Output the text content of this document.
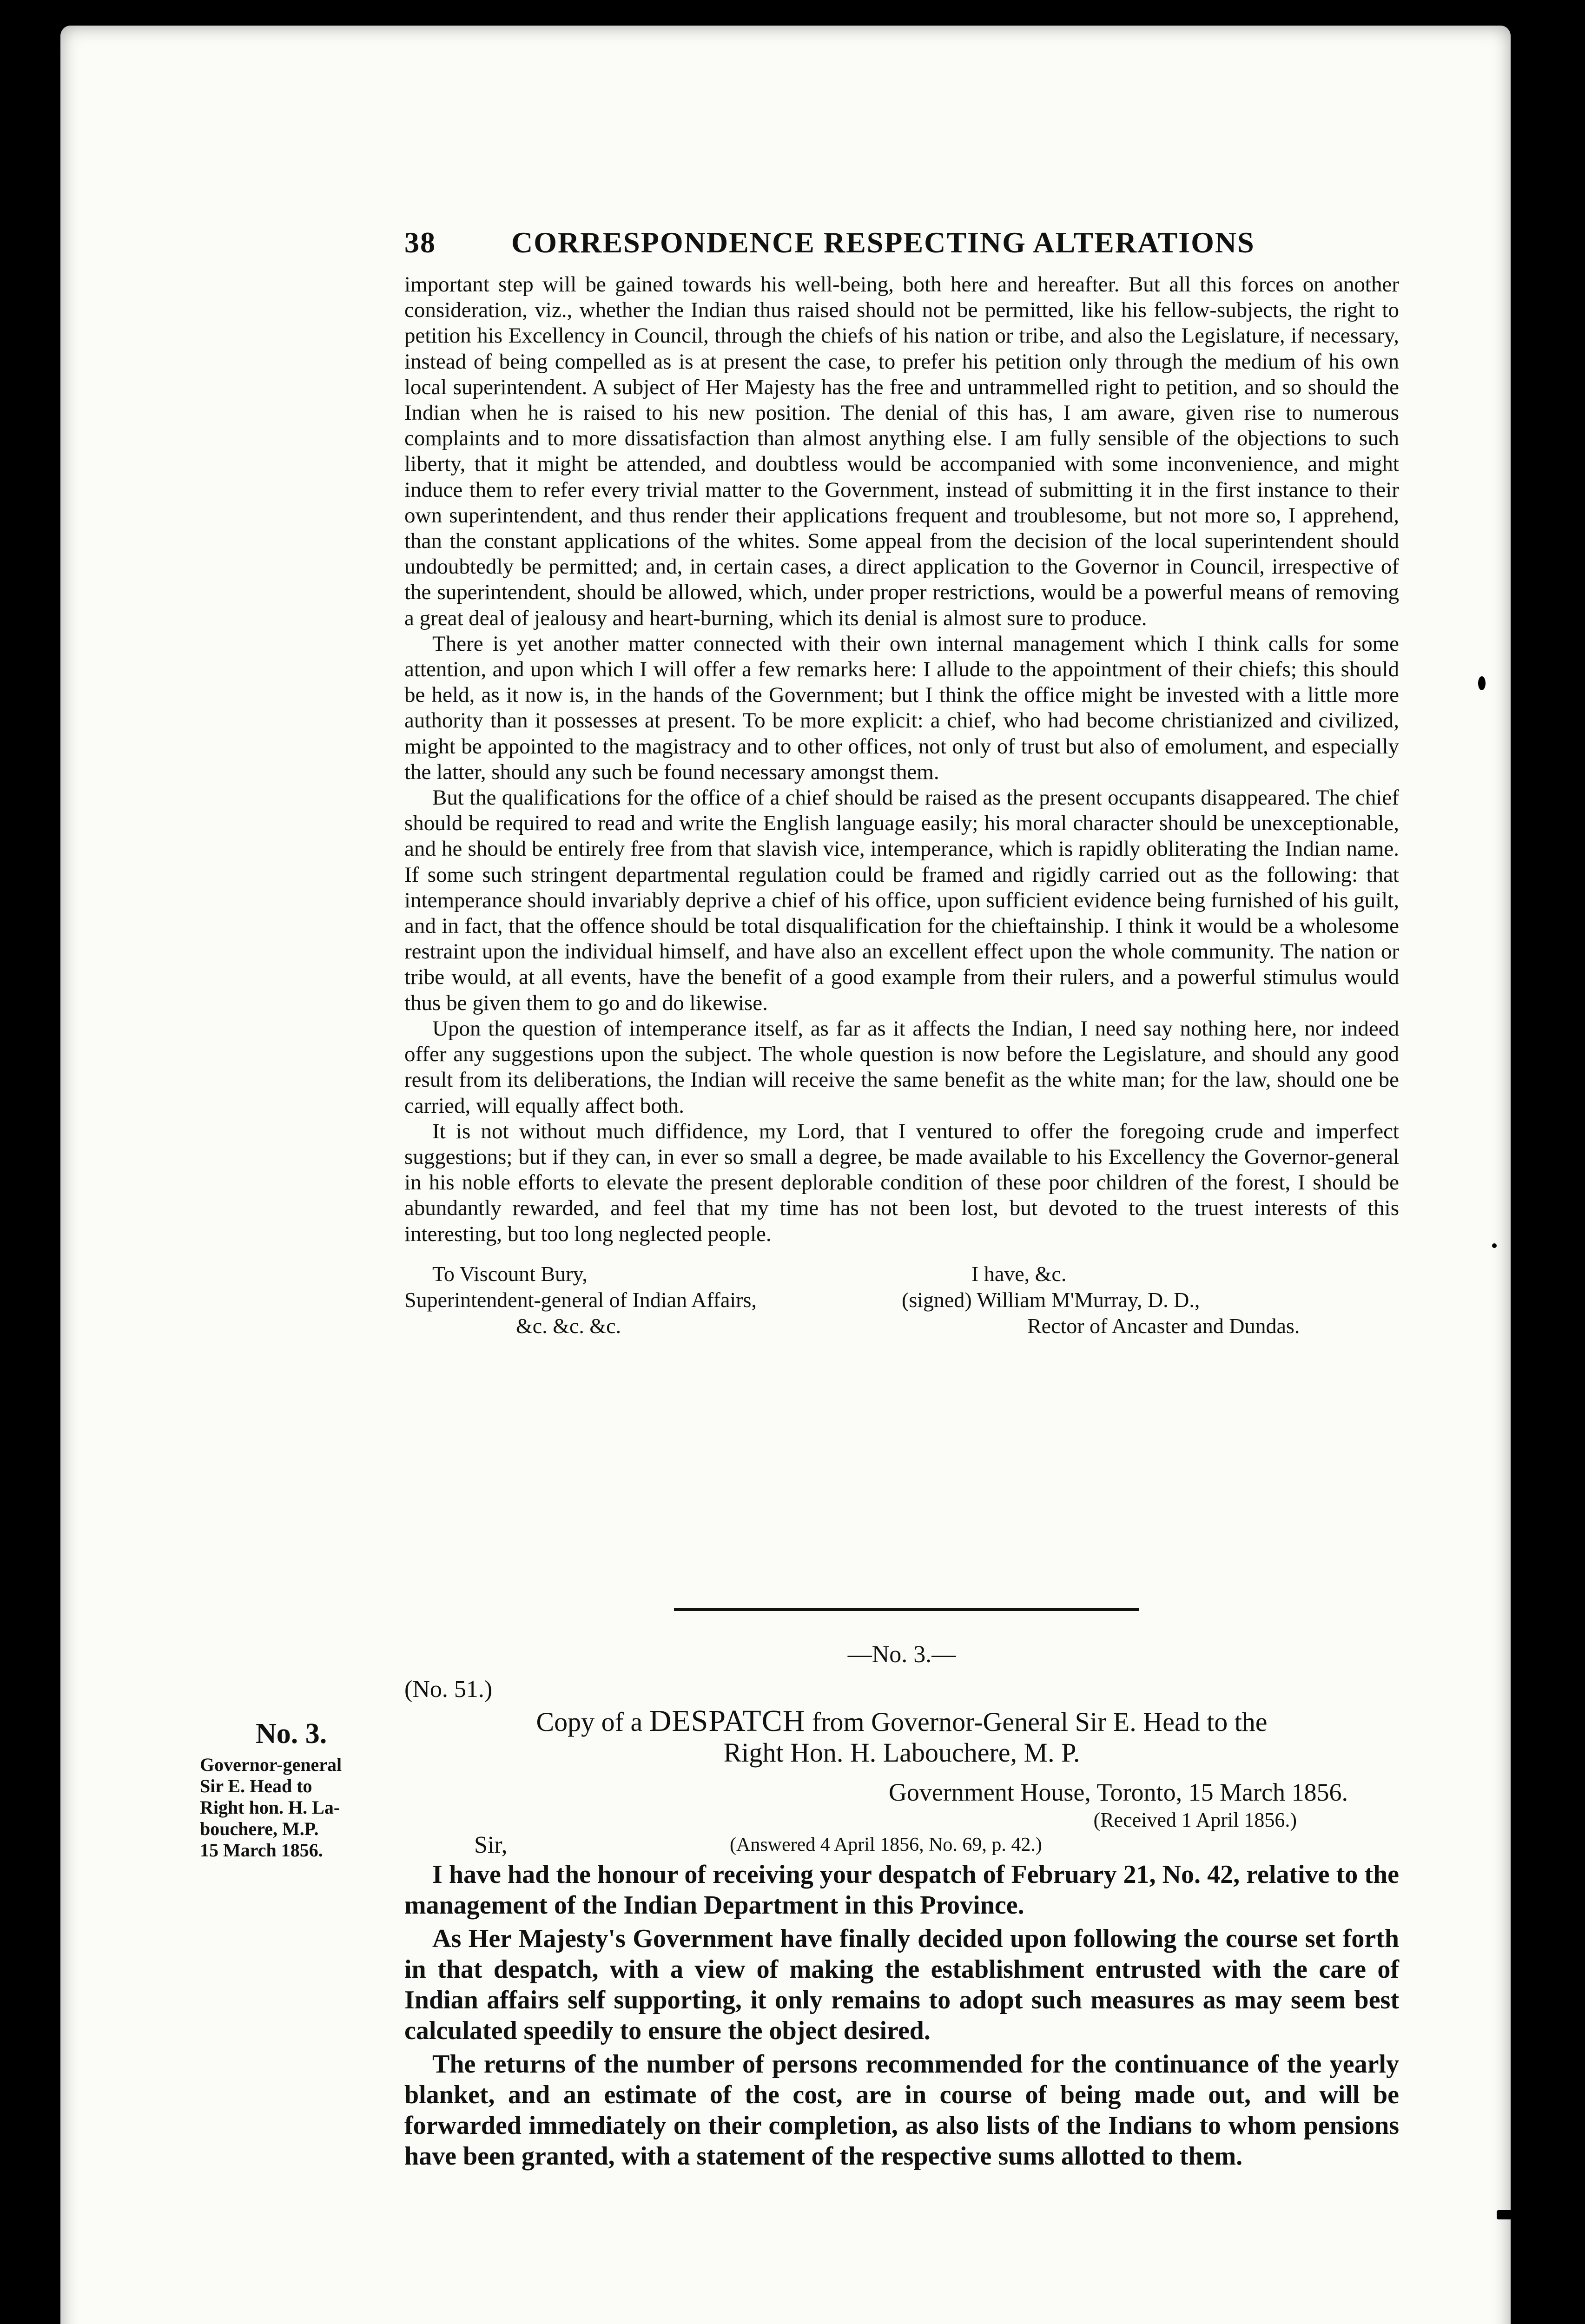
38	CORRESPONDENCE RESPECTING ALTERATIONS

important step will be gained towards his well-being, both here and hereafter. But all this forces on another consideration, viz., whether the Indian thus raised should not be permitted, like his fellow-subjects, the right to petition his Excellency in Council, through the chiefs of his nation or tribe, and also the Legislature, if necessary, instead of being compelled as is at present the case, to prefer his petition only through the medium of his own local superintendent. A subject of Her Majesty has the free and untrammelled right to petition, and so should the Indian when he is raised to his new position. The denial of this has, I am aware, given rise to numerous complaints and to more dissatisfaction than almost anything else. I am fully sensible of the objections to such liberty, that it might be attended, and doubtless would be accompanied with some inconvenience, and might induce them to refer every trivial matter to the Government, instead of submitting it in the first instance to their own superintendent, and thus render their applications frequent and troublesome, but not more so, I apprehend, than the constant applications of the whites. Some appeal from the decision of the local superintendent should undoubtedly be permitted; and, in certain cases, a direct application to the Governor in Council, irrespective of the superintendent, should be allowed, which, under proper restrictions, would be a powerful means of removing a great deal of jealousy and heart-burning, which its denial is almost sure to produce.

There is yet another matter connected with their own internal management which I think calls for some attention, and upon which I will offer a few remarks here: I allude to the appointment of their chiefs; this should be held, as it now is, in the hands of the Government; but I think the office might be invested with a little more authority than it possesses at present. To be more explicit: a chief, who had become christianized and civilized, might be appointed to the magistracy and to other offices, not only of trust but also of emolument, and especially the latter, should any such be found necessary amongst them.

But the qualifications for the office of a chief should be raised as the present occupants disappeared. The chief should be required to read and write the English language easily; his moral character should be unexceptionable, and he should be entirely free from that slavish vice, intemperance, which is rapidly obliterating the Indian name. If some such stringent departmental regulation could be framed and rigidly carried out as the following: that intemperance should invariably deprive a chief of his office, upon sufficient evidence being furnished of his guilt, and in fact, that the offence should be total disqualification for the chieftainship. I think it would be a wholesome restraint upon the individual himself, and have also an excellent effect upon the whole community. The nation or tribe would, at all events, have the benefit of a good example from their rulers, and a powerful stimulus would thus be given them to go and do likewise.

Upon the question of intemperance itself, as far as it affects the Indian, I need say nothing here, nor indeed offer any suggestions upon the subject. The whole question is now before the Legislature, and should any good result from its deliberations, the Indian will receive the same benefit as the white man; for the law, should one be carried, will equally affect both.

It is not without much diffidence, my Lord, that I ventured to offer the foregoing crude and imperfect suggestions; but if they can, in ever so small a degree, be made available to his Excellency the Governor-general in his noble efforts to elevate the present deplorable condition of these poor children of the forest, I should be abundantly rewarded, and feel that my time has not been lost, but devoted to the truest interests of this interesting, but too long neglected people.

To Viscount Bury,	I have, &c.
Superintendent-general of Indian Affairs,	(signed) William M'Murray, D. D.,
&c. &c. &c.	Rector of Ancaster and Dundas.
—No. 3.—
(No. 51.)
Copy of a DESPATCH from Governor-General Sir E. Head to the
Right Hon. H. Labouchere, M. P.
Government House, Toronto, 15 March 1856.
(Received 1 April 1856.)
Sir,	(Answered 4 April 1856, No. 69, p. 42.)

I have had the honour of receiving your despatch of February 21, No. 42, relative to the management of the Indian Department in this Province.

As Her Majesty's Government have finally decided upon following the course set forth in that despatch, with a view of making the establishment entrusted with the care of Indian affairs self supporting, it only remains to adopt such measures as may seem best calculated speedily to ensure the object desired.

The returns of the number of persons recommended for the continuance of the yearly blanket, and an estimate of the cost, are in course of being made out, and will be forwarded immediately on their completion, as also lists of the Indians to whom pensions have been granted, with a statement of the respective sums allotted to them.

No. 3.
Governor-general
Sir E. Head to
Right hon. H. La-
bouchere, M.P.
15 March 1856.
